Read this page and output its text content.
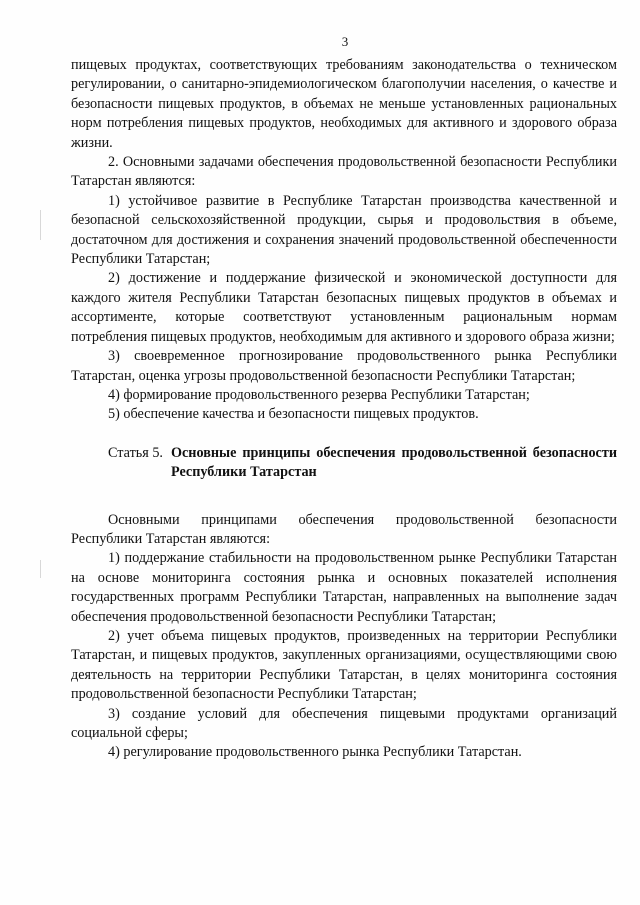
3

пищевых продуктах, соответствующих требованиям законодательства о техническом регулировании, о санитарно-эпидемиологическом благополучии населения, о качестве и безопасности пищевых продуктов, в объемах не меньше установленных рациональных норм потребления пищевых продуктов, необходимых для активного и здорового образа жизни.

2. Основными задачами обеспечения продовольственной безопасности Республики Татарстан являются:

1) устойчивое развитие в Республике Татарстан производства качественной и безопасной сельскохозяйственной продукции, сырья и продовольствия в объеме, достаточном для достижения и сохранения значений продовольственной обеспеченности Республики Татарстан;

2) достижение и поддержание физической и экономической доступности для каждого жителя Республики Татарстан безопасных пищевых продуктов в объемах и ассортименте, которые соответствуют установленным рациональным нормам потребления пищевых продуктов, необходимым для активного и здорового образа жизни;

3) своевременное прогнозирование продовольственного рынка Республики Татарстан, оценка угрозы продовольственной безопасности Республики Татарстан;

4) формирование продовольственного резерва Республики Татарстан;

5) обеспечение качества и безопасности пищевых продуктов.

Статья 5. Основные принципы обеспечения продовольственной безопасности Республики Татарстан

Основными принципами обеспечения продовольственной безопасности Республики Татарстан являются:

1) поддержание стабильности на продовольственном рынке Республики Татарстан на основе мониторинга состояния рынка и основных показателей исполнения государственных программ Республики Татарстан, направленных на выполнение задач обеспечения продовольственной безопасности Республики Татарстан;

2) учет объема пищевых продуктов, произведенных на территории Республики Татарстан, и пищевых продуктов, закупленных организациями, осуществляющими свою деятельность на территории Республики Татарстан, в целях мониторинга состояния продовольственной безопасности Республики Татарстан;

3) создание условий для обеспечения пищевыми продуктами организаций социальной сферы;

4) регулирование продовольственного рынка Республики Татарстан.
